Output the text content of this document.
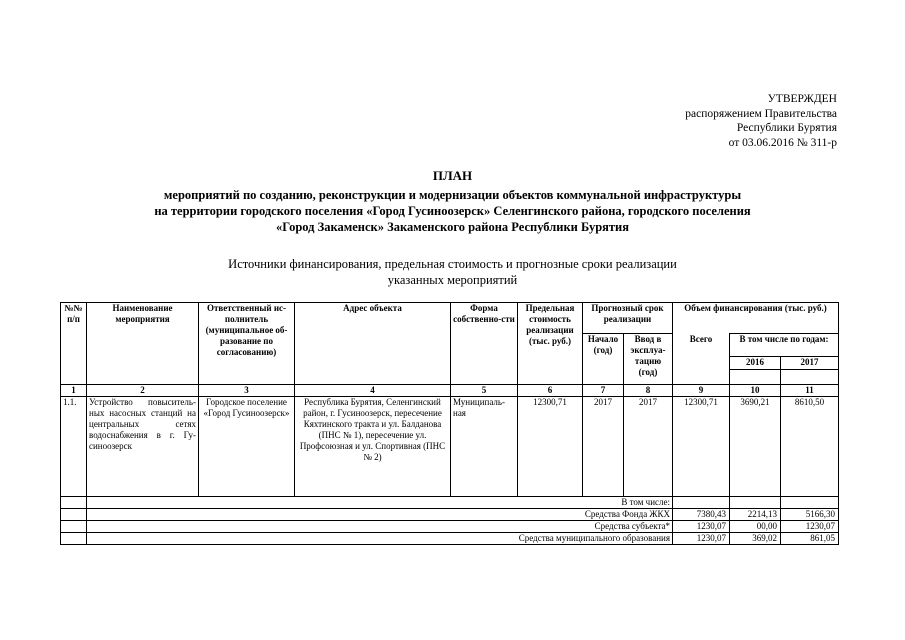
УТВЕРЖДЕН
распоряжением Правительства
Республики Бурятия
от 03.06.2016 № 311-р
ПЛАН
мероприятий по созданию, реконструкции и модернизации объектов коммунальной инфраструктуры
на территории городского поселения «Город Гусиноозерск» Селенгинского района, городского поселения
«Город Закаменск» Закаменского района Республики Бурятия
Источники финансирования, предельная стоимость и прогнозные сроки реализации
указанных мероприятий
№№ п/п	Наименование мероприятия	Ответственный ис-полнитель (муниципальное об-разование по согласованию)	Адрес объекта	Форма собственно-сти	Предельная стоимость реализации (тыс. руб.)	Прогнозный срок реализации		Объем финансирования (тыс. руб.)		
						Начало (год)	Ввод в эксплуа-тацию (год)	Всего	В том числе по годам:	
									2016	2017

1	2	3	4	5	6	7	8	9	10	11
1.1.	Устройство повыситель-ных насосных станций на центральных сетях водоснабжения в г. Гу-синоозерск	Городское поселение «Город Гусиноозерск»	Республика Бурятия, Селенгинский район, г. Гусиноозерск, пересечение Кяхтинского тракта и ул. Балданова (ПНС № 1), пересечение ул. Профсоюзная и ул. Спортивная (ПНС № 2)	Муниципаль-ная	12300,71	2017	2017	12300,71	3690,21	8610,50
	В том числе:									
	Средства Фонда ЖКХ							7380,43	2214,13	5166,30
	Средства субъекта*							1230,07	00,00	1230,07
	Средства муниципального образования							1230,07	369,02	861,05
